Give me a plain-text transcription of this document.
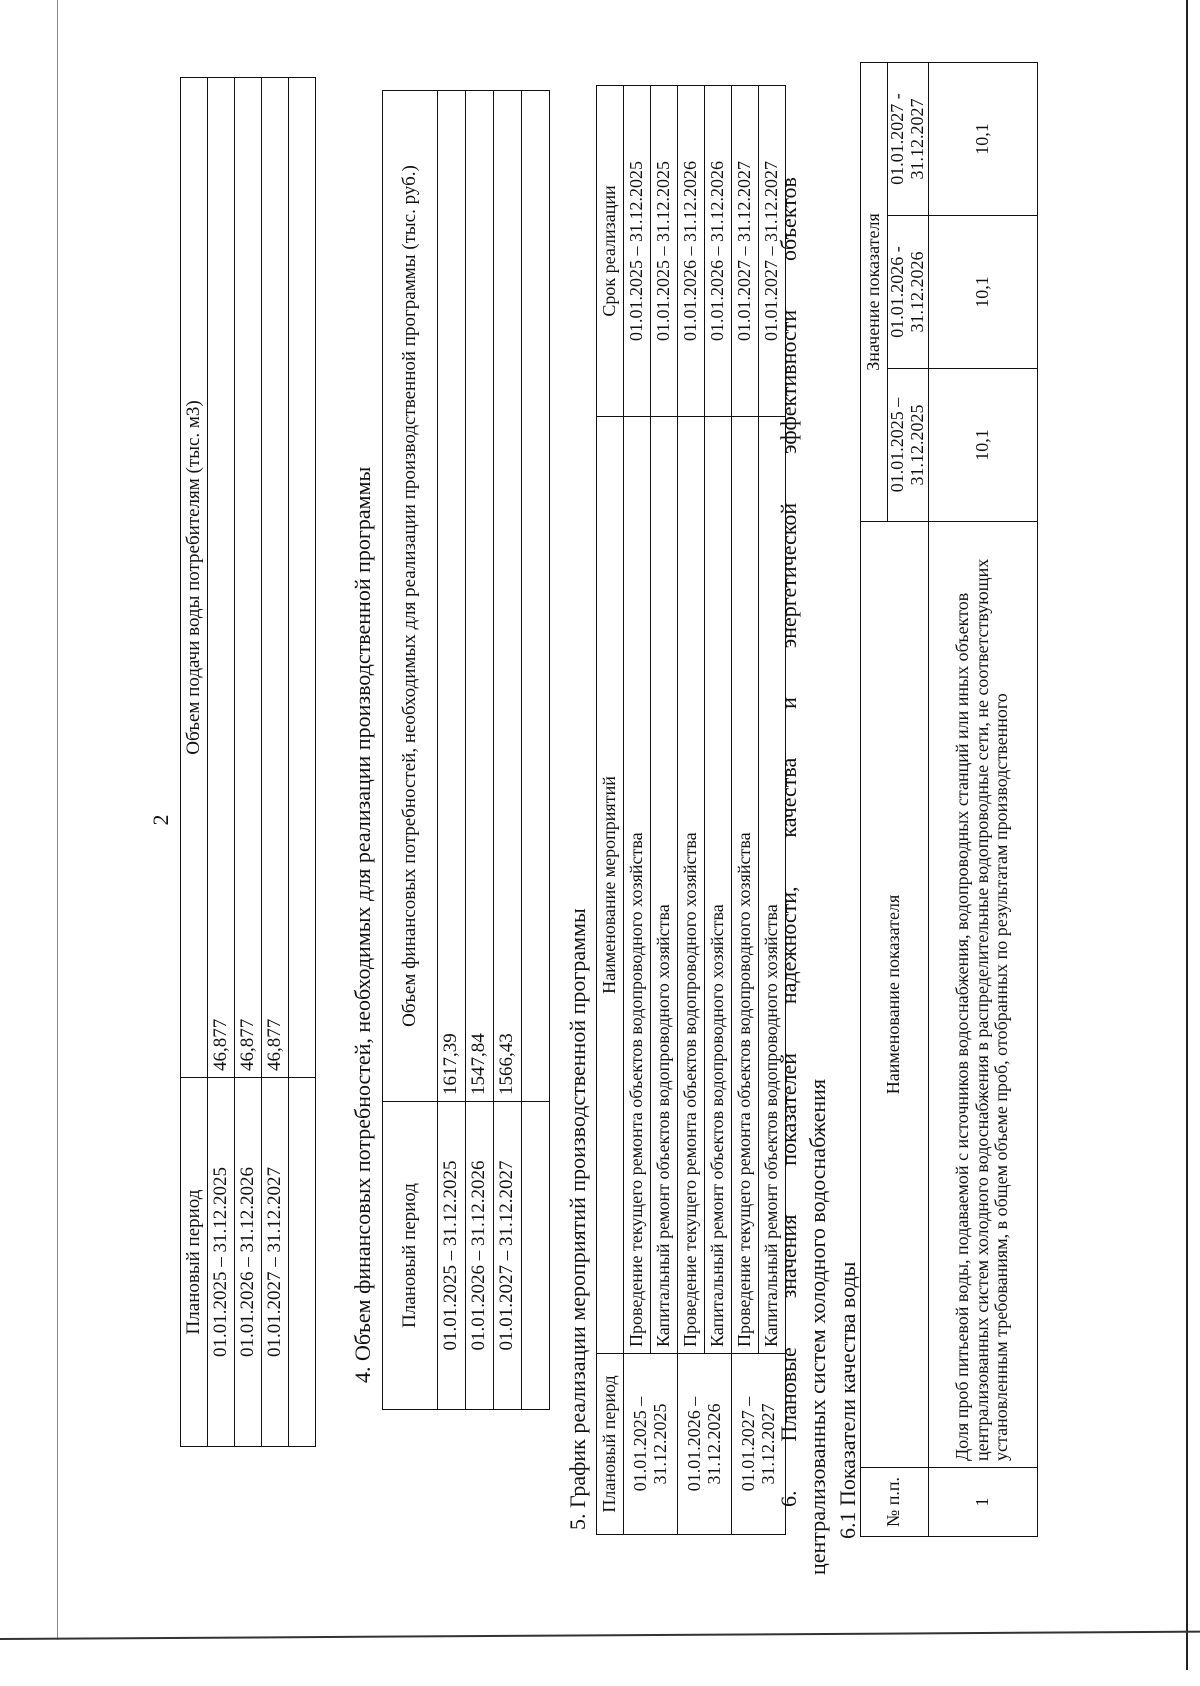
2
Плановый период	Объем подачи воды потребителям (тыс. м3)
01.01.2025 – 31.12.2025	46,877
01.01.2026 – 31.12.2026	46,877
01.01.2027 – 31.12.2027	46,877
		4. Объем финансовых потребностей, необходимых для реализации производственной программы Плановый период	Объем финансовых потребностей, необходимых для реализации производственной программы (тыс. руб.)
01.01.2025 – 31.12.2025	1617,39
01.01.2026 – 31.12.2026	1547,84
01.01.2027 – 31.12.2027	1566,43
	5. График реализации мероприятий производственной программы Плановый период	Наименование мероприятий	Срок реализации
01.01.2025 – 31.12.2025	Проведение текущего ремонта объектов водопроводного хозяйства	01.01.2025 – 31.12.2025
	Капитальный ремонт объектов водопроводного хозяйства	01.01.2025 – 31.12.2025
01.01.2026 – 31.12.2026	Проведение текущего ремонта объектов водопроводного хозяйства	01.01.2026 – 31.12.2026
	Капитальный ремонт объектов водопроводного хозяйства	01.01.2026 – 31.12.2026
01.01.2027 – 31.12.2027	Проведение текущего ремонта объектов водопроводного хозяйства	01.01.2027 – 31.12.2027
	Капитальный ремонт объектов водопроводного хозяйства	01.01.2027 – 31.12.2027
6.
Плановые
значения
показателей
надежности,
качества
и
энергетической
эффективности
объектов
централизованных систем холодного водоснабжения 6.1 Показатели качества воды № п.п.	Наименование показателя	Значение показателя		
		01.01.2025 – 31.12.2025	01.01.2026 - 31.12.2026	01.01.2027 - 31.12.2027
1	Доля проб питьевой воды, подаваемой с источников водоснабжения, водопроводных станций или иных объектов централизованных систем холодного водоснабжения в распределительные водопроводные сети, не соответствующих установленным требованиям, в общем объеме проб, отобранных по результатам производственного	10,1	10,1	10,1
